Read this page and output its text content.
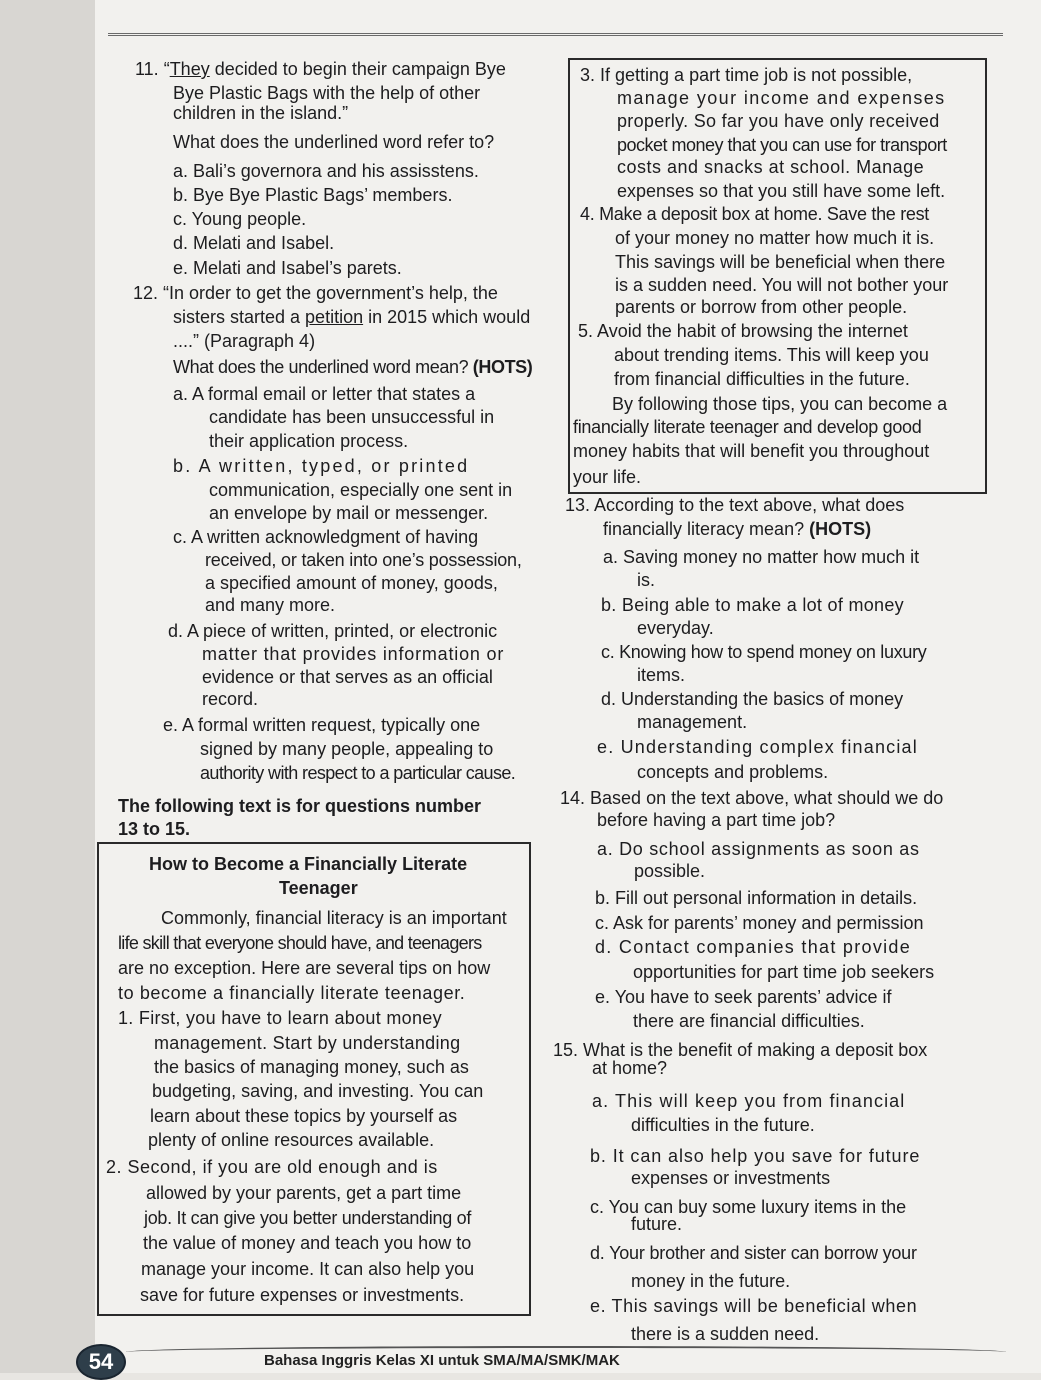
11. “They decided to begin their campaign Bye
Bye Plastic Bags with the help of other
children in the island.”
What does the underlined word refer to?
a. Bali’s governora and his assisstens.
b. Bye Bye Plastic Bags’ members.
c. Young people.
d. Melati and Isabel.
e. Melati and Isabel’s parets.
12. “In order to get the government’s help, the
sisters started a petition in 2015 which would
....” (Paragraph 4)
What does the underlined word mean? (HOTS)
a. A formal email or letter that states a
candidate has been unsuccessful in
their application process.
b. A written, typed, or printed
communication, especially one sent in
an envelope by mail or messenger.
c. A written acknowledgment of having
received, or taken into one’s possession,
a specified amount of money, goods,
and many more.
d. A piece of written, printed, or electronic
matter that provides information or
evidence or that serves as an official
record.
e. A formal written request, typically one
signed by many people, appealing to
authority with respect to a particular cause.
The following text is for questions number
13 to 15.
How to Become a Financially Literate
Teenager
Commonly, financial literacy is an important
life skill that everyone should have, and teenagers
are no exception. Here are several tips on how
to become a financially literate teenager.
1. First, you have to learn about money
management. Start by understanding
the basics of managing money, such as
budgeting, saving, and investing. You can
learn about these topics by yourself as
plenty of online resources available.
2. Second, if you are old enough and is
allowed by your parents, get a part time
job. It can give you better understanding of
the value of money and teach you how to
manage your income. It can also help you
save for future expenses or investments.
3. If getting a part time job is not possible,
manage your income and expenses
properly. So far you have only received
pocket money that you can use for transport
costs and snacks at school. Manage
expenses so that you still have some left.
4. Make a deposit box at home. Save the rest
of your money no matter how much it is.
This savings will be beneficial when there
is a sudden need. You will not bother your
parents or borrow from other people.
5. Avoid the habit of browsing the internet
about trending items. This will keep you
from financial difficulties in the future.
By following those tips, you can become a
financially literate teenager and develop good
money habits that will benefit you throughout
your life.
13. According to the text above, what does
financially literacy mean? (HOTS)
a. Saving money no matter how much it
is.
b. Being able to make a lot of money
everyday.
c. Knowing how to spend money on luxury
items.
d. Understanding the basics of money
management.
e. Understanding complex financial
concepts and problems.
14. Based on the text above, what should we do
before having a part time job?
a. Do school assignments as soon as
possible.
b. Fill out personal information in details.
c. Ask for parents’ money and permission
d. Contact companies that provide
opportunities for part time job seekers
e. You have to seek parents’ advice if
there are financial difficulties.
15. What is the benefit of making a deposit box
at home?
a. This will keep you from financial
difficulties in the future.
b. It can also help you save for future
expenses or investments
c. You can buy some luxury items in the
future.
d. Your brother and sister can borrow your
money in the future.
e. This savings will be beneficial when
there is a sudden need.
54	Bahasa Inggris Kelas XI untuk SMA/MA/SMK/MAK
